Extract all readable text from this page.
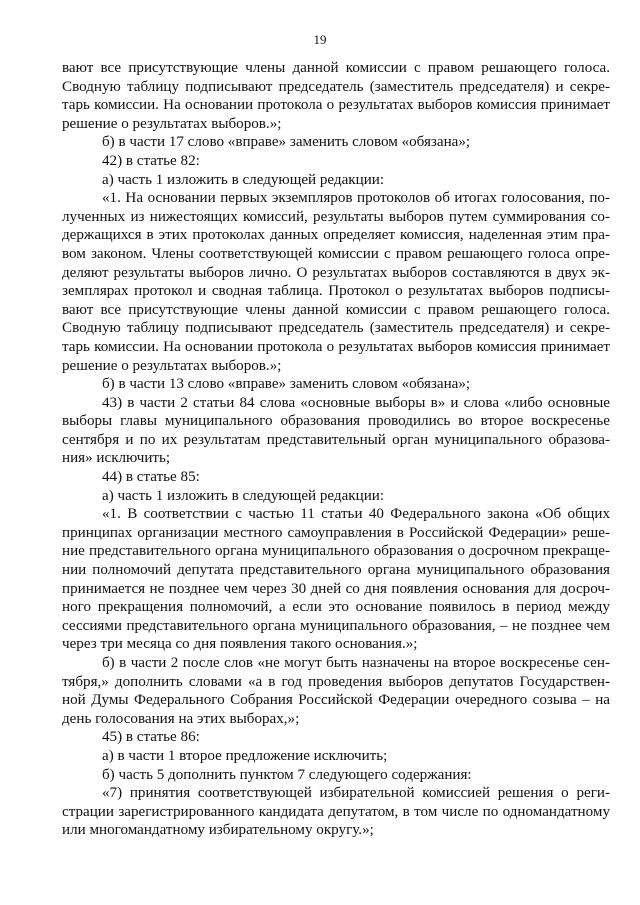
19
вают все присутствующие члены данной комиссии с правом решающего голоса.
Сводную таблицу подписывают председатель (заместитель председателя) и секре-
тарь комиссии. На основании протокола о результатах выборов комиссия принимает
решение о результатах выборов.»;
б) в части 17 слово «вправе» заменить словом «обязана»;
42) в статье 82:
а) часть 1 изложить в следующей редакции:
«1. На основании первых экземпляров протоколов об итогах голосования, по-
лученных из нижестоящих комиссий, результаты выборов путем суммирования со-
держащихся в этих протоколах данных определяет комиссия, наделенная этим пра-
вом законом. Члены соответствующей комиссии с правом решающего голоса опре-
деляют результаты выборов лично. О результатах выборов составляются в двух эк-
земплярах протокол и сводная таблица. Протокол о результатах выборов подписы-
вают все присутствующие члены данной комиссии с правом решающего голоса.
Сводную таблицу подписывают председатель (заместитель председателя) и секре-
тарь комиссии. На основании протокола о результатах выборов комиссия принимает
решение о результатах выборов.»;
б) в части 13 слово «вправе» заменить словом «обязана»;
43) в части 2 статьи 84 слова «основные выборы в» и слова «либо основные
выборы главы муниципального образования проводились во второе воскресенье
сентября и по их результатам представительный орган муниципального образова-
ния» исключить;
44) в статье 85:
а) часть 1 изложить в следующей редакции:
«1. В соответствии с частью 11 статьи 40 Федерального закона «Об общих
принципах организации местного самоуправления в Российской Федерации» реше-
ние представительного органа муниципального образования о досрочном прекраще-
нии полномочий депутата представительного органа муниципального образования
принимается не позднее чем через 30 дней со дня появления основания для досроч-
ного прекращения полномочий, а если это основание появилось в период между
сессиями представительного органа муниципального образования, – не позднее чем
через три месяца со дня появления такого основания.»;
б) в части 2 после слов «не могут быть назначены на второе воскресенье сен-
тября,» дополнить словами «а в год проведения выборов депутатов Государствен-
ной Думы Федерального Собрания Российской Федерации очередного созыва – на
день голосования на этих выборах,»;
45) в статье 86:
а) в части 1 второе предложение исключить;
б) часть 5 дополнить пунктом 7 следующего содержания:
«7) принятия соответствующей избирательной комиссией решения о реги-
страции зарегистрированного кандидата депутатом, в том числе по одномандатному
или многомандатному избирательному округу.»;
